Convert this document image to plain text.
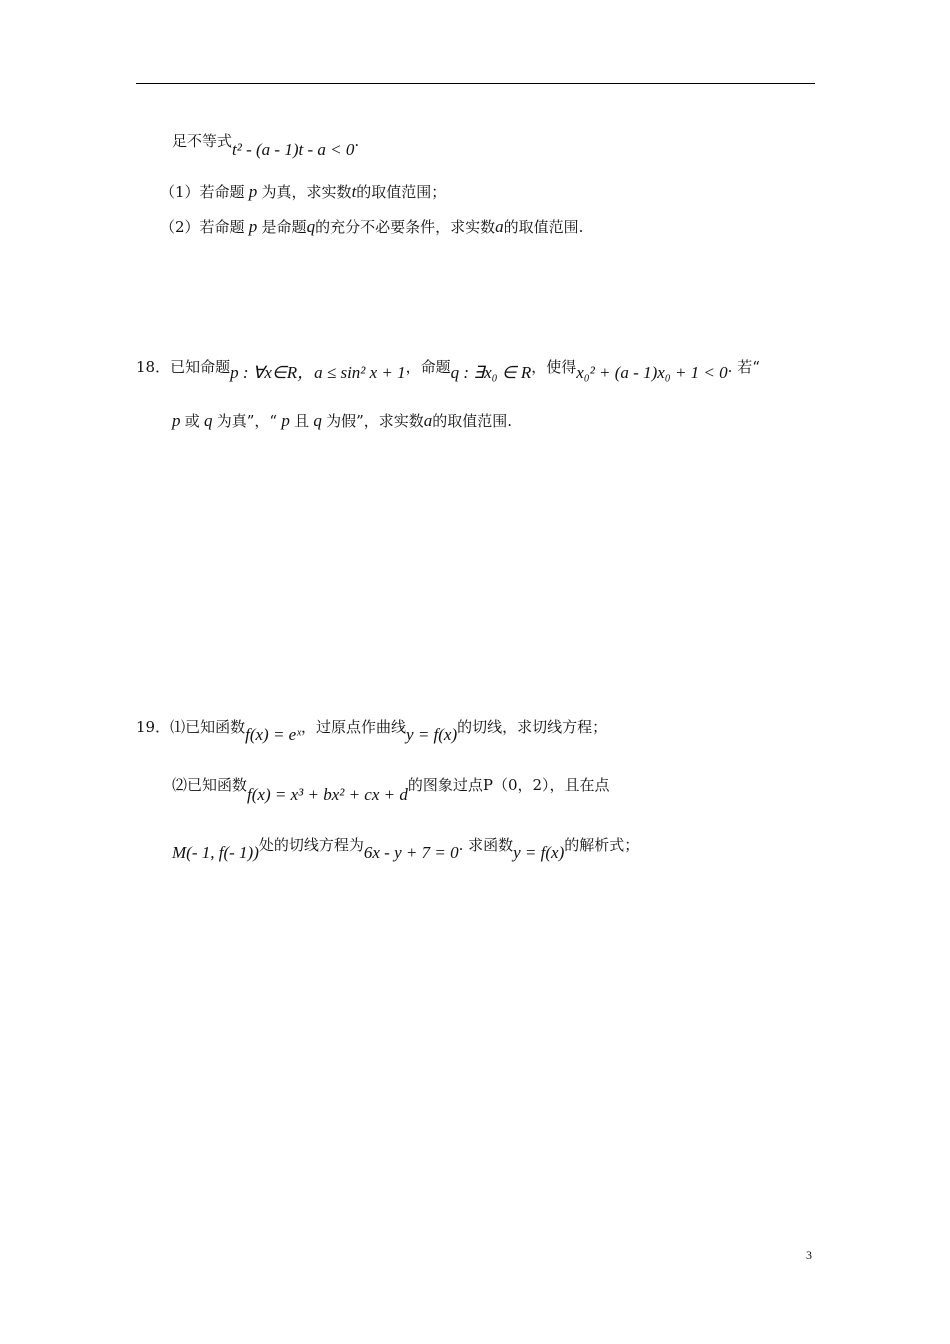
足不等式t² - (a - 1)t - a < 0.
（1）若命题 p 为真，求实数t的取值范围；
（2）若命题 p 是命题q的充分不必要条件，求实数a的取值范围.
18．已知命题p : ∀x∈R，a ≤ sin² x + 1，命题q : ∃x₀ ∈ R，使得x₀² + (a - 1)x₀ + 1 < 0. 若“
p 或 q 为真”，“ p 且 q 为假”，求实数a的取值范围.
19．⑴已知函数f(x) = eˣ，过原点作曲线y = f(x)的切线，求切线方程；
⑵已知函数f(x) = x³ + bx² + cx + d的图象过点P（0，2），且在点
M(- 1, f(- 1))处的切线方程为6x - y + 7 = 0. 求函数y = f(x)的解析式；
3
